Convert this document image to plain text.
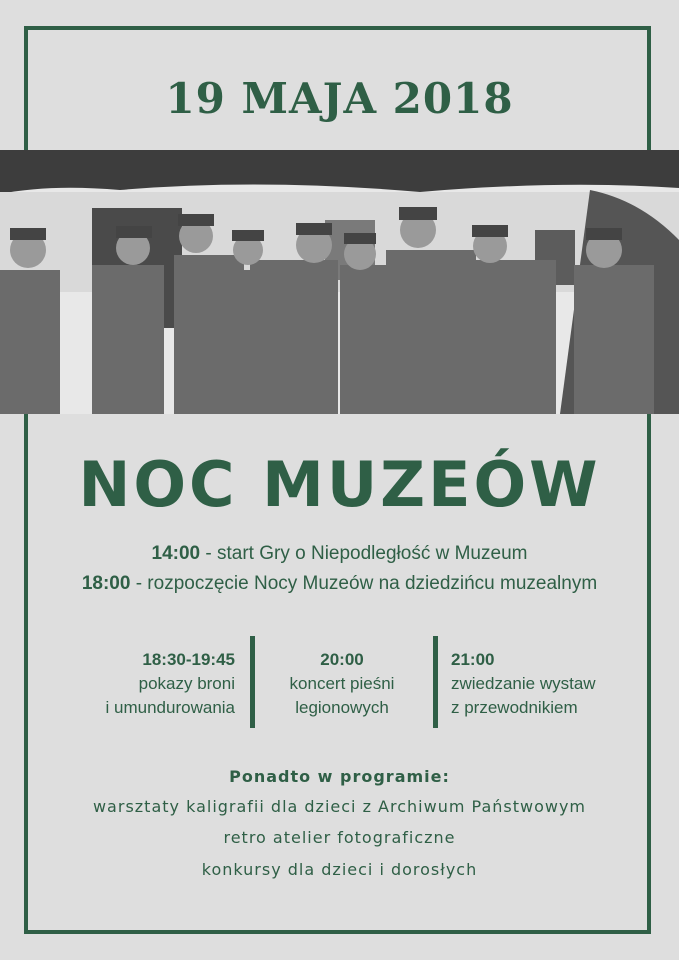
19 MAJA 2018
NOC MUZEÓW
14:00 - start Gry o Niepodległość w Muzeum
18:00 - rozpoczęcie Nocy Muzeów na dziedzińcu muzealnym
18:30-19:45
pokazy broni
i umundurowania
20:00
koncert pieśni
legionowych
21:00
zwiedzanie wystaw
z przewodnikiem
Ponadto w programie:
warsztaty kaligrafii dla dzieci z Archiwum Państwowym
retro atelier fotograficzne
konkursy dla dzieci i dorosłych
